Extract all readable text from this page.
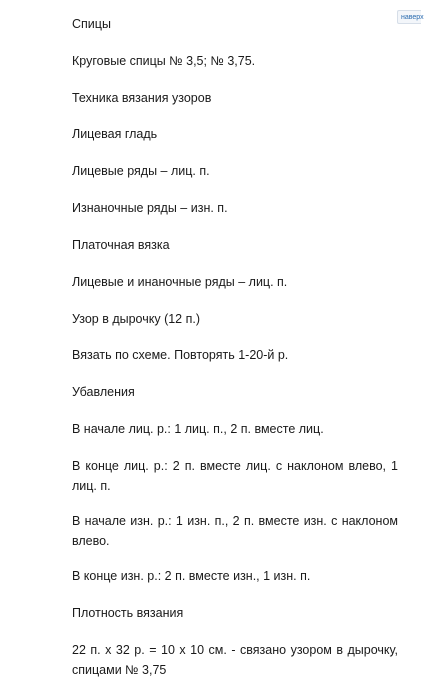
Спицы

Круговые спицы № 3,5; № 3,75.

Техника вязания узоров

Лицевая гладь

Лицевые ряды – лиц. п.

Изнаночные ряды – изн. п.

Платочная вязка

Лицевые и инаночные ряды – лиц. п.

Узор в дырочку (12 п.)

Вязать по схеме. Повторять 1-20-й р.

Убавления

В начале лиц. р.: 1 лиц. п., 2 п. вместе лиц.

В конце лиц. р.: 2 п. вместе лиц. с наклоном влево, 1 лиц. п.

В начале изн. р.: 1 изн. п., 2 п. вместе изн. с наклоном влево.

В конце изн. р.: 2 п. вместе изн., 1 изн. п.

Плотность вязания

22 п. х 32 р. = 10 х 10 см. - связано узором в дырочку, спицами № 3,75

наверх
